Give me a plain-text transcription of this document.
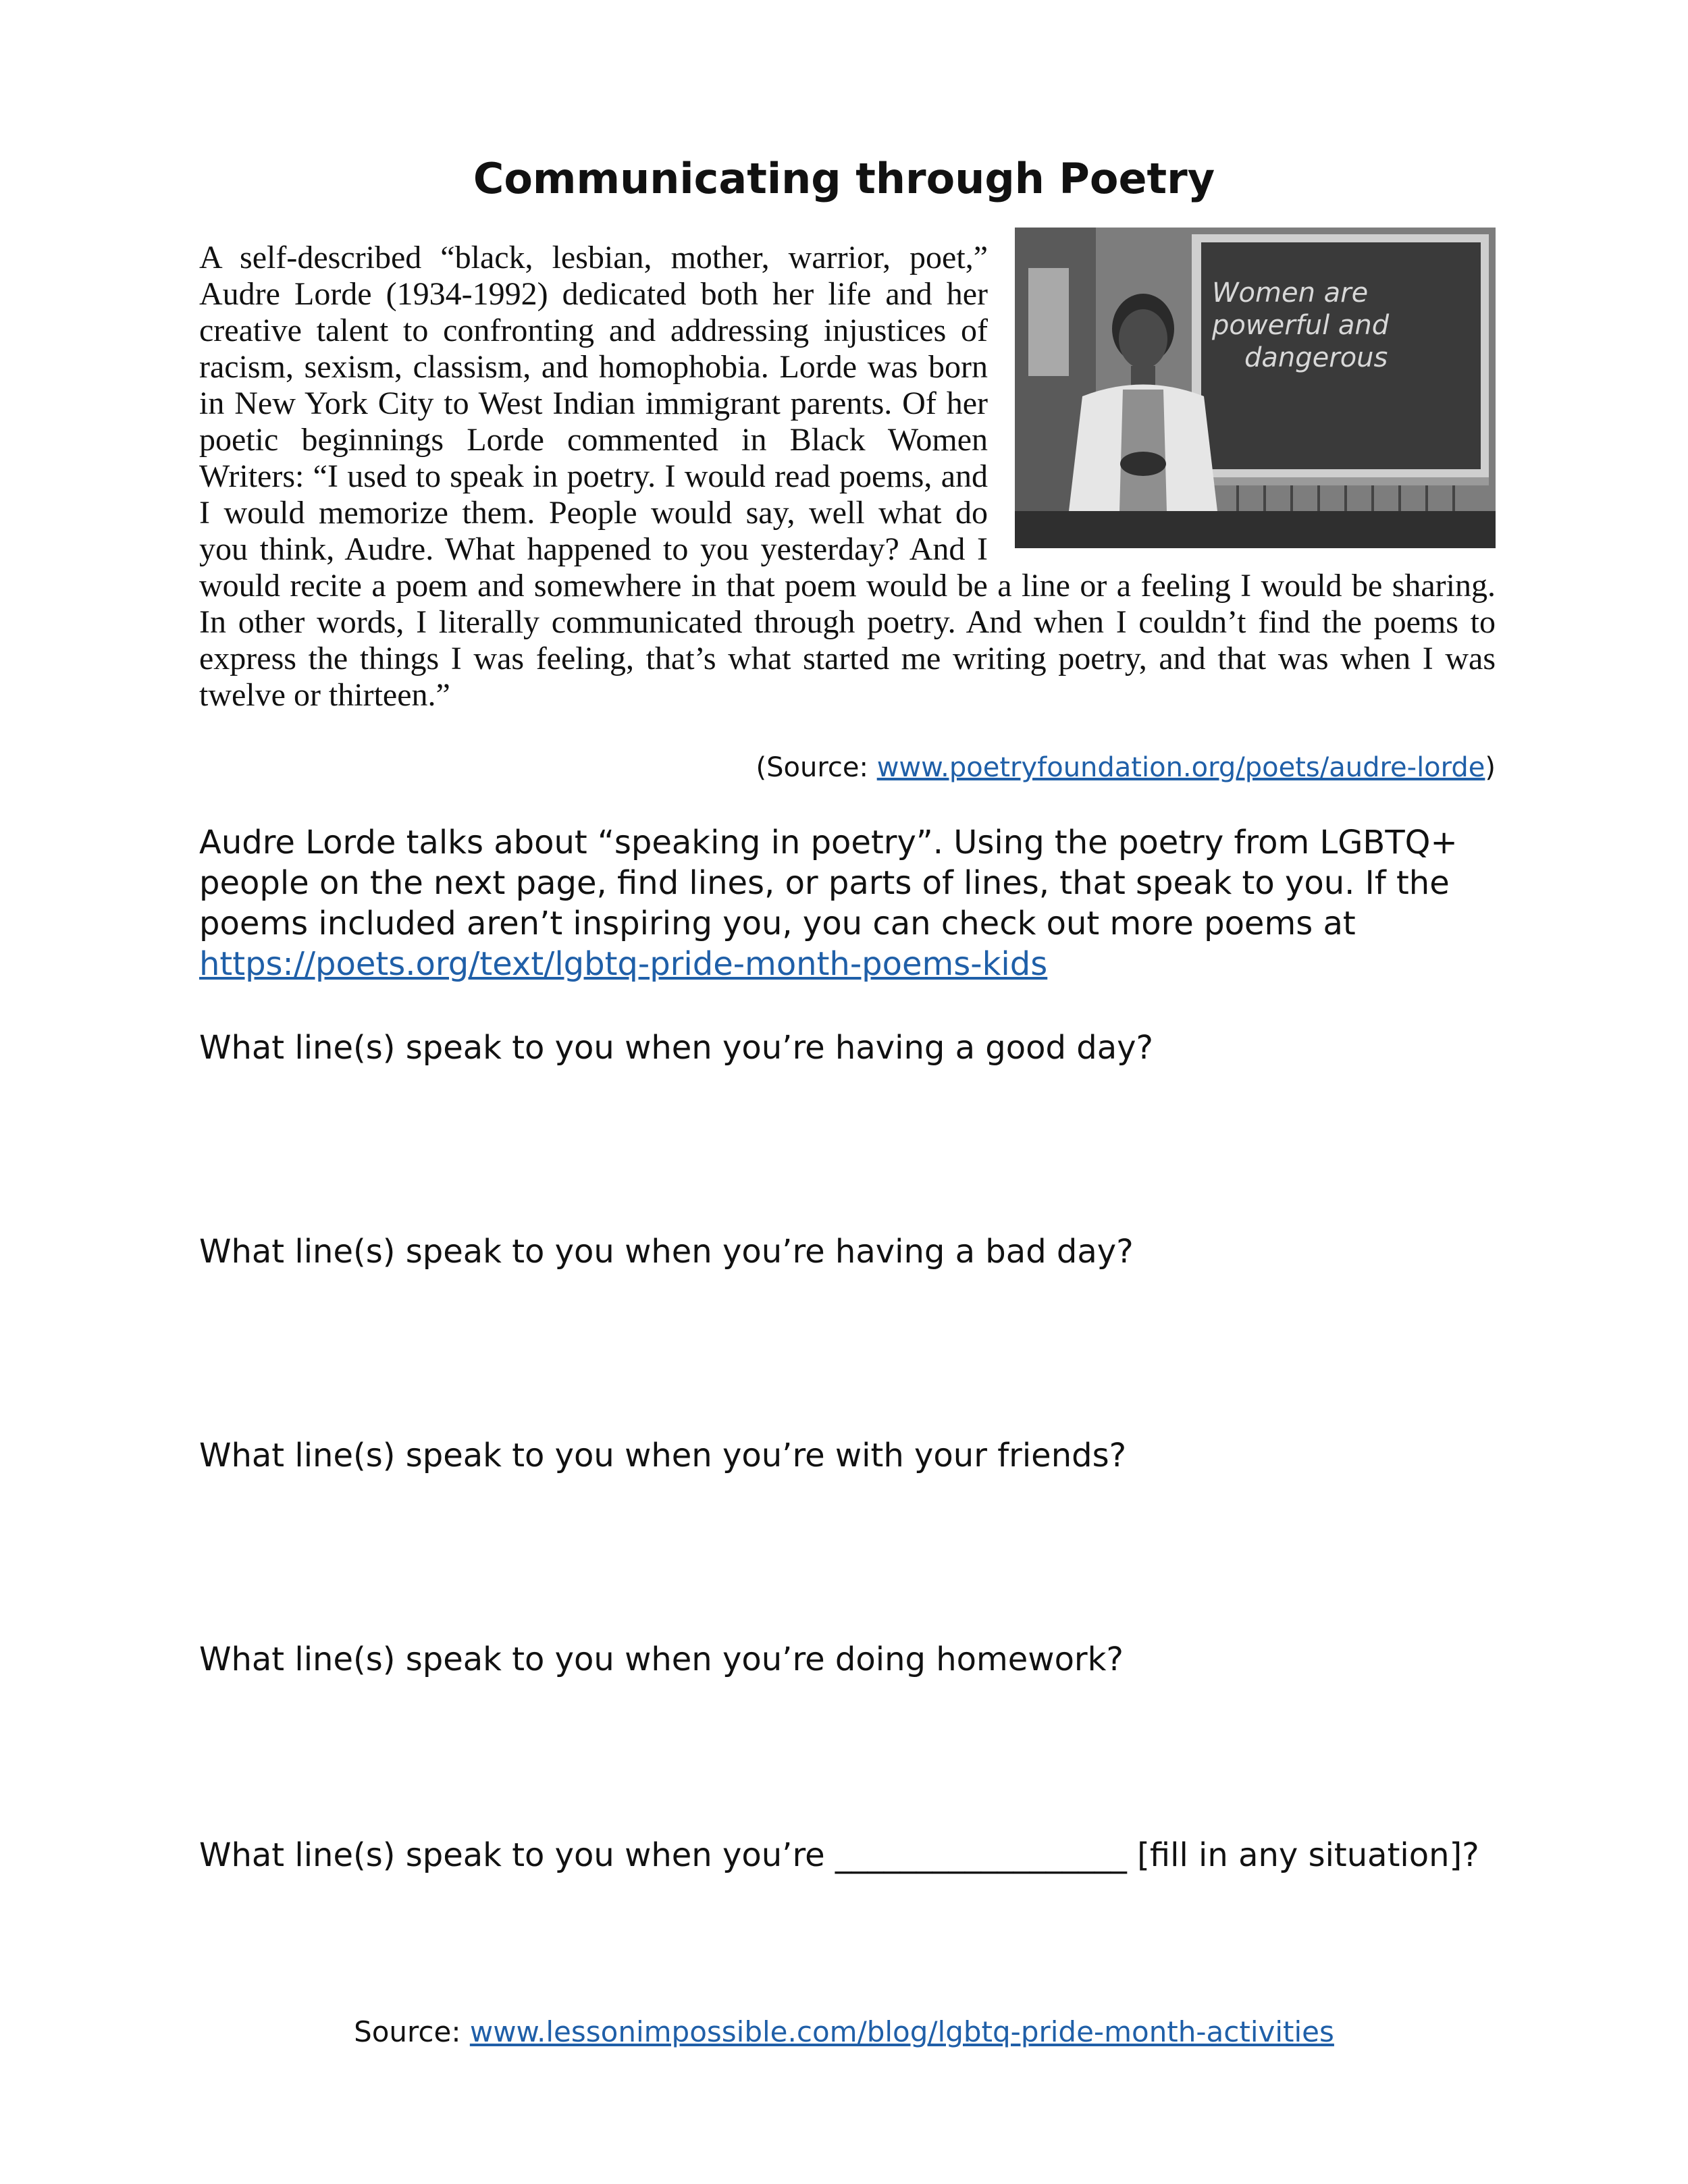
Communicating through Poetry
Women are
powerful and
dangerous
A self-described “black, lesbian, mother, warrior, poet,” Audre Lorde (1934-1992) dedicated both her life and her creative talent to confronting and addressing injustices of racism, sexism, classism, and homophobia. Lorde was born in New York City to West Indian immigrant parents. Of her poetic beginnings Lorde commented in Black Women Writers: “I used to speak in poetry. I would read poems, and I would memorize them. People would say, well what do you think, Audre. What happened to you yesterday? And I would recite a poem and somewhere in that poem would be a line or a feeling I would be sharing. In other words, I literally communicated through poetry. And when I couldn’t find the poems to express the things I was feeling, that’s what started me writing poetry, and that was when I was twelve or thirteen.”
(Source: www.poetryfoundation.org/poets/audre-lorde)

Audre Lorde talks about “speaking in poetry”. Using the poetry from LGBTQ+ people on the next page, find lines, or parts of lines, that speak to you. If the poems included aren’t inspiring you, you can check out more poems at
https://poets.org/text/lgbtq-pride-month-poems-kids

What line(s) speak to you when you’re having a good day?

What line(s) speak to you when you’re having a bad day?

What line(s) speak to you when you’re with your friends?

What line(s) speak to you when you’re doing homework?

What line(s) speak to you when you’re __________________ [fill in any situation]?

Source: www.lessonimpossible.com/blog/lgbtq-pride-month-activities
